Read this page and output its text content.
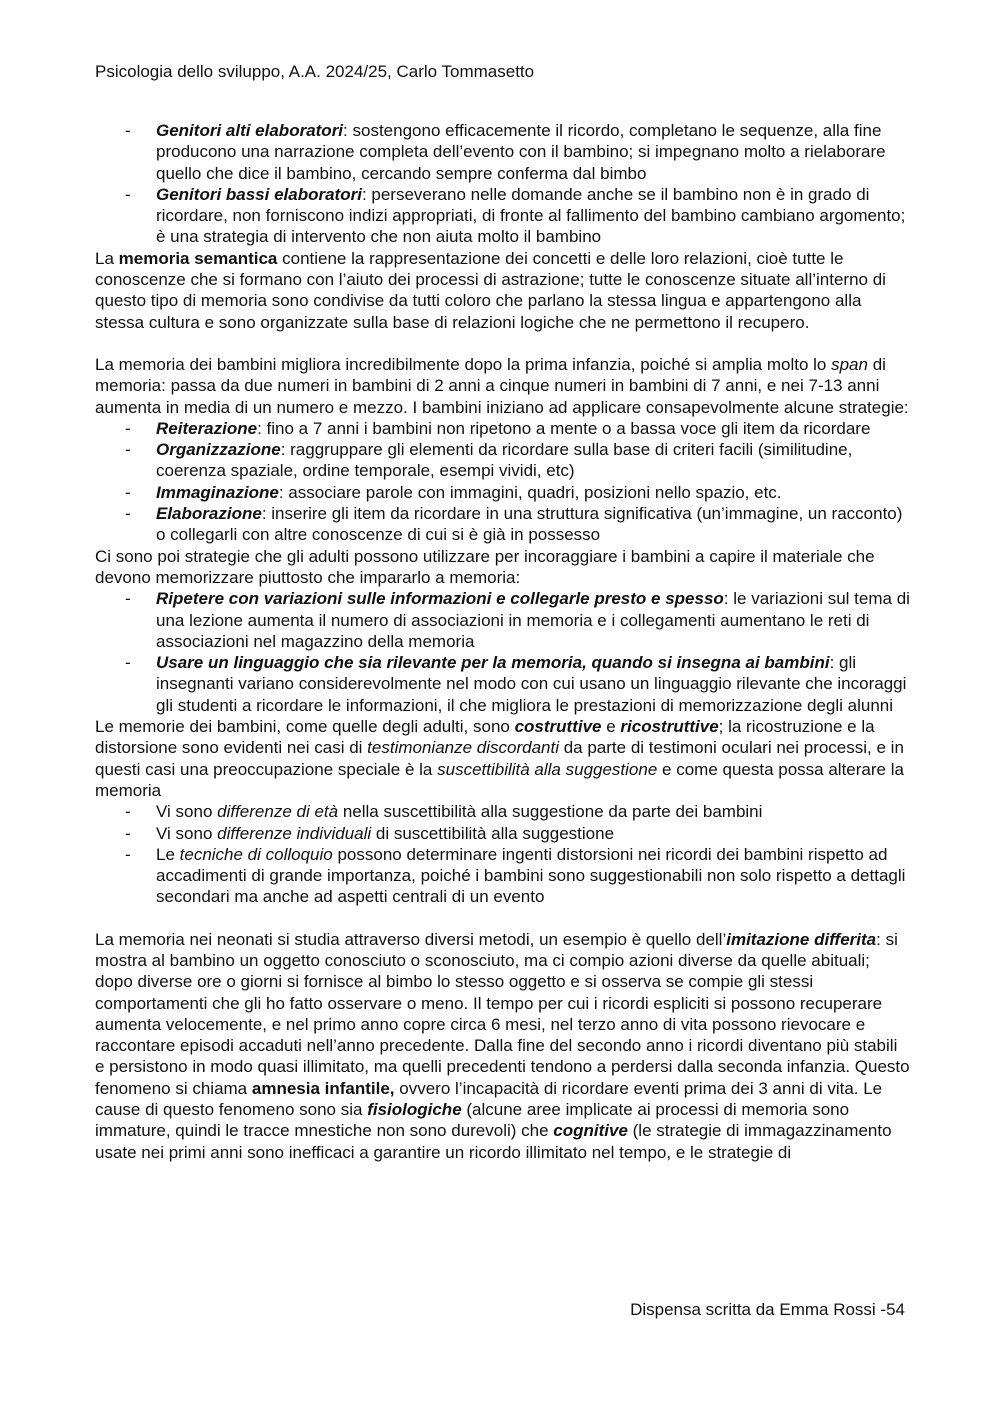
Psicologia dello sviluppo, A.A. 2024/25, Carlo Tommasetto
- Genitori alti elaboratori: sostengono efficacemente il ricordo, completano le sequenze, alla fine producono una narrazione completa dell’evento con il bambino; si impegnano molto a rielaborare quello che dice il bambino, cercando sempre conferma dal bimbo
- Genitori bassi elaboratori: perseverano nelle domande anche se il bambino non è in grado di ricordare, non forniscono indizi appropriati, di fronte al fallimento del bambino cambiano argomento; è una strategia di intervento che non aiuta molto il bambino

La memoria semantica contiene la rappresentazione dei concetti e delle loro relazioni, cioè tutte le conoscenze che si formano con l’aiuto dei processi di astrazione; tutte le conoscenze situate all’interno di questo tipo di memoria sono condivise da tutti coloro che parlano la stessa lingua e appartengono alla stessa cultura e sono organizzate sulla base di relazioni logiche che ne permettono il recupero.

La memoria dei bambini migliora incredibilmente dopo la prima infanzia, poiché si amplia molto lo span di memoria: passa da due numeri in bambini di 2 anni a cinque numeri in bambini di 7 anni, e nei 7-13 anni aumenta in media di un numero e mezzo. I bambini iniziano ad applicare consapevolmente alcune strategie:

- Reiterazione: fino a 7 anni i bambini non ripetono a mente o a bassa voce gli item da ricordare
- Organizzazione: raggruppare gli elementi da ricordare sulla base di criteri facili (similitudine, coerenza spaziale, ordine temporale, esempi vividi, etc)
- Immaginazione: associare parole con immagini, quadri, posizioni nello spazio, etc.
- Elaborazione: inserire gli item da ricordare in una struttura significativa (un’immagine, un racconto) o collegarli con altre conoscenze di cui si è già in possesso

Ci sono poi strategie che gli adulti possono utilizzare per incoraggiare i bambini a capire il materiale che devono memorizzare piuttosto che impararlo a memoria:

- Ripetere con variazioni sulle informazioni e collegarle presto e spesso: le variazioni sul tema di una lezione aumenta il numero di associazioni in memoria e i collegamenti aumentano le reti di associazioni nel magazzino della memoria
- Usare un linguaggio che sia rilevante per la memoria, quando si insegna ai bambini: gli insegnanti variano considerevolmente nel modo con cui usano un linguaggio rilevante che incoraggi gli studenti a ricordare le informazioni, il che migliora le prestazioni di memorizzazione degli alunni

Le memorie dei bambini, come quelle degli adulti, sono costruttive e ricostruttive; la ricostruzione e la distorsione sono evidenti nei casi di testimonianze discordanti da parte di testimoni oculari nei processi, e in questi casi una preoccupazione speciale è la suscettibilità alla suggestione e come questa possa alterare la memoria

- Vi sono differenze di età nella suscettibilità alla suggestione da parte dei bambini
- Vi sono differenze individuali di suscettibilità alla suggestione
- Le tecniche di colloquio possono determinare ingenti distorsioni nei ricordi dei bambini rispetto ad accadimenti di grande importanza, poiché i bambini sono suggestionabili non solo rispetto a dettagli secondari ma anche ad aspetti centrali di un evento

La memoria nei neonati si studia attraverso diversi metodi, un esempio è quello dell’imitazione differita: si mostra al bambino un oggetto conosciuto o sconosciuto, ma ci compio azioni diverse da quelle abituali; dopo diverse ore o giorni si fornisce al bimbo lo stesso oggetto e si osserva se compie gli stessi comportamenti che gli ho fatto osservare o meno. Il tempo per cui i ricordi espliciti si possono recuperare aumenta velocemente, e nel primo anno copre circa 6 mesi, nel terzo anno di vita possono rievocare e raccontare episodi accaduti nell’anno precedente. Dalla fine del secondo anno i ricordi diventano più stabili e persistono in modo quasi illimitato, ma quelli precedenti tendono a perdersi dalla seconda infanzia. Questo fenomeno si chiama amnesia infantile, ovvero l’incapacità di ricordare eventi prima dei 3 anni di vita. Le cause di questo fenomeno sono sia fisiologiche (alcune aree implicate ai processi di memoria sono immature, quindi le tracce mnestiche non sono durevoli) che cognitive (le strategie di immagazzinamento usate nei primi anni sono inefficaci a garantire un ricordo illimitato nel tempo, e le strategie di

Dispensa scritta da Emma Rossi -54
